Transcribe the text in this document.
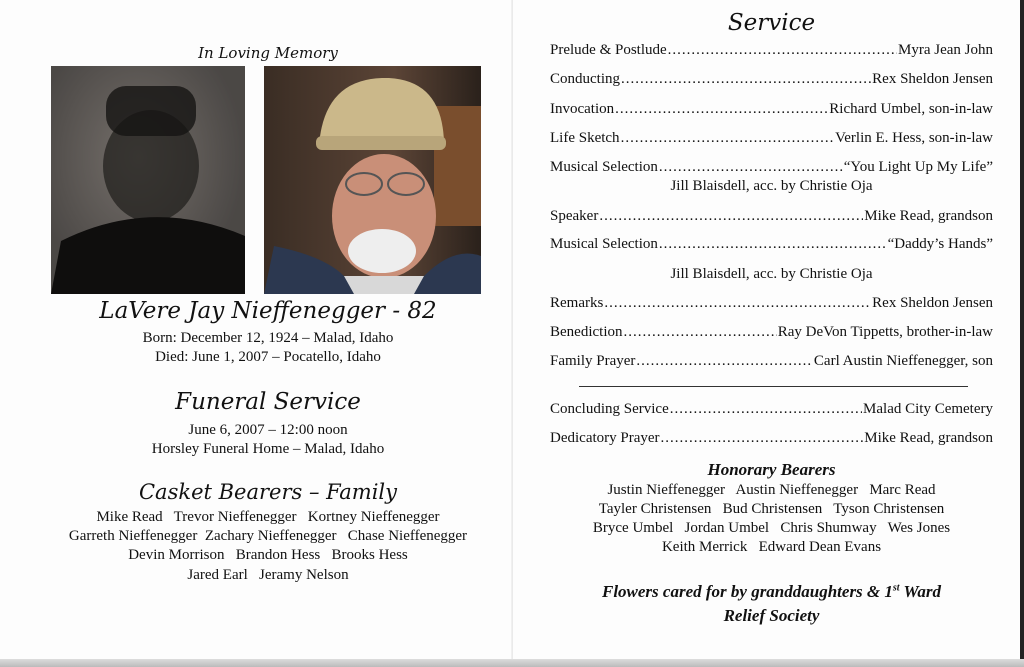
In Loving Memory
LaVere Jay Nieffenegger - 82
Born: December 12, 1924 – Malad, Idaho
Died: June 1, 2007 – Pocatello, Idaho
Funeral Service
June 6, 2007 – 12:00 noon
Horsley Funeral Home – Malad, Idaho
Casket Bearers – Family
Mike Read   Trevor Nieffenegger   Kortney Nieffenegger
Garreth Nieffenegger  Zachary Nieffenegger   Chase Nieffenegger
Devin Morrison   Brandon Hess   Brooks Hess
Jared Earl   Jeramy Nelson
Service
Prelude & Postlude .....	Myra Jean John
Conducting .....	Rex Sheldon Jensen
Invocation .....	Richard Umbel, son-in-law
Life Sketch .....	Verlin E. Hess, son-in-law
Musical Selection .....	“You Light Up My Life”
Jill Blaisdell, acc. by Christie Oja
Speaker .....	Mike Read, grandson
Musical Selection .....	“Daddy’s Hands”
Jill Blaisdell, acc. by Christie Oja
Remarks .....	Rex Sheldon Jensen
Benediction .....	Ray DeVon Tippetts, brother-in-law
Family Prayer .....	Carl Austin Nieffenegger, son
Concluding Service .....	Malad City Cemetery
Dedicatory Prayer .....	Mike Read, grandson
Honorary Bearers
Justin Nieffenegger   Austin Nieffenegger   Marc Read
Tayler Christensen   Bud Christensen   Tyson Christensen
Bryce Umbel   Jordan Umbel   Chris Shumway   Wes Jones
Keith Merrick   Edward Dean Evans
Flowers cared for by granddaughters & 1st Ward
Relief Society
